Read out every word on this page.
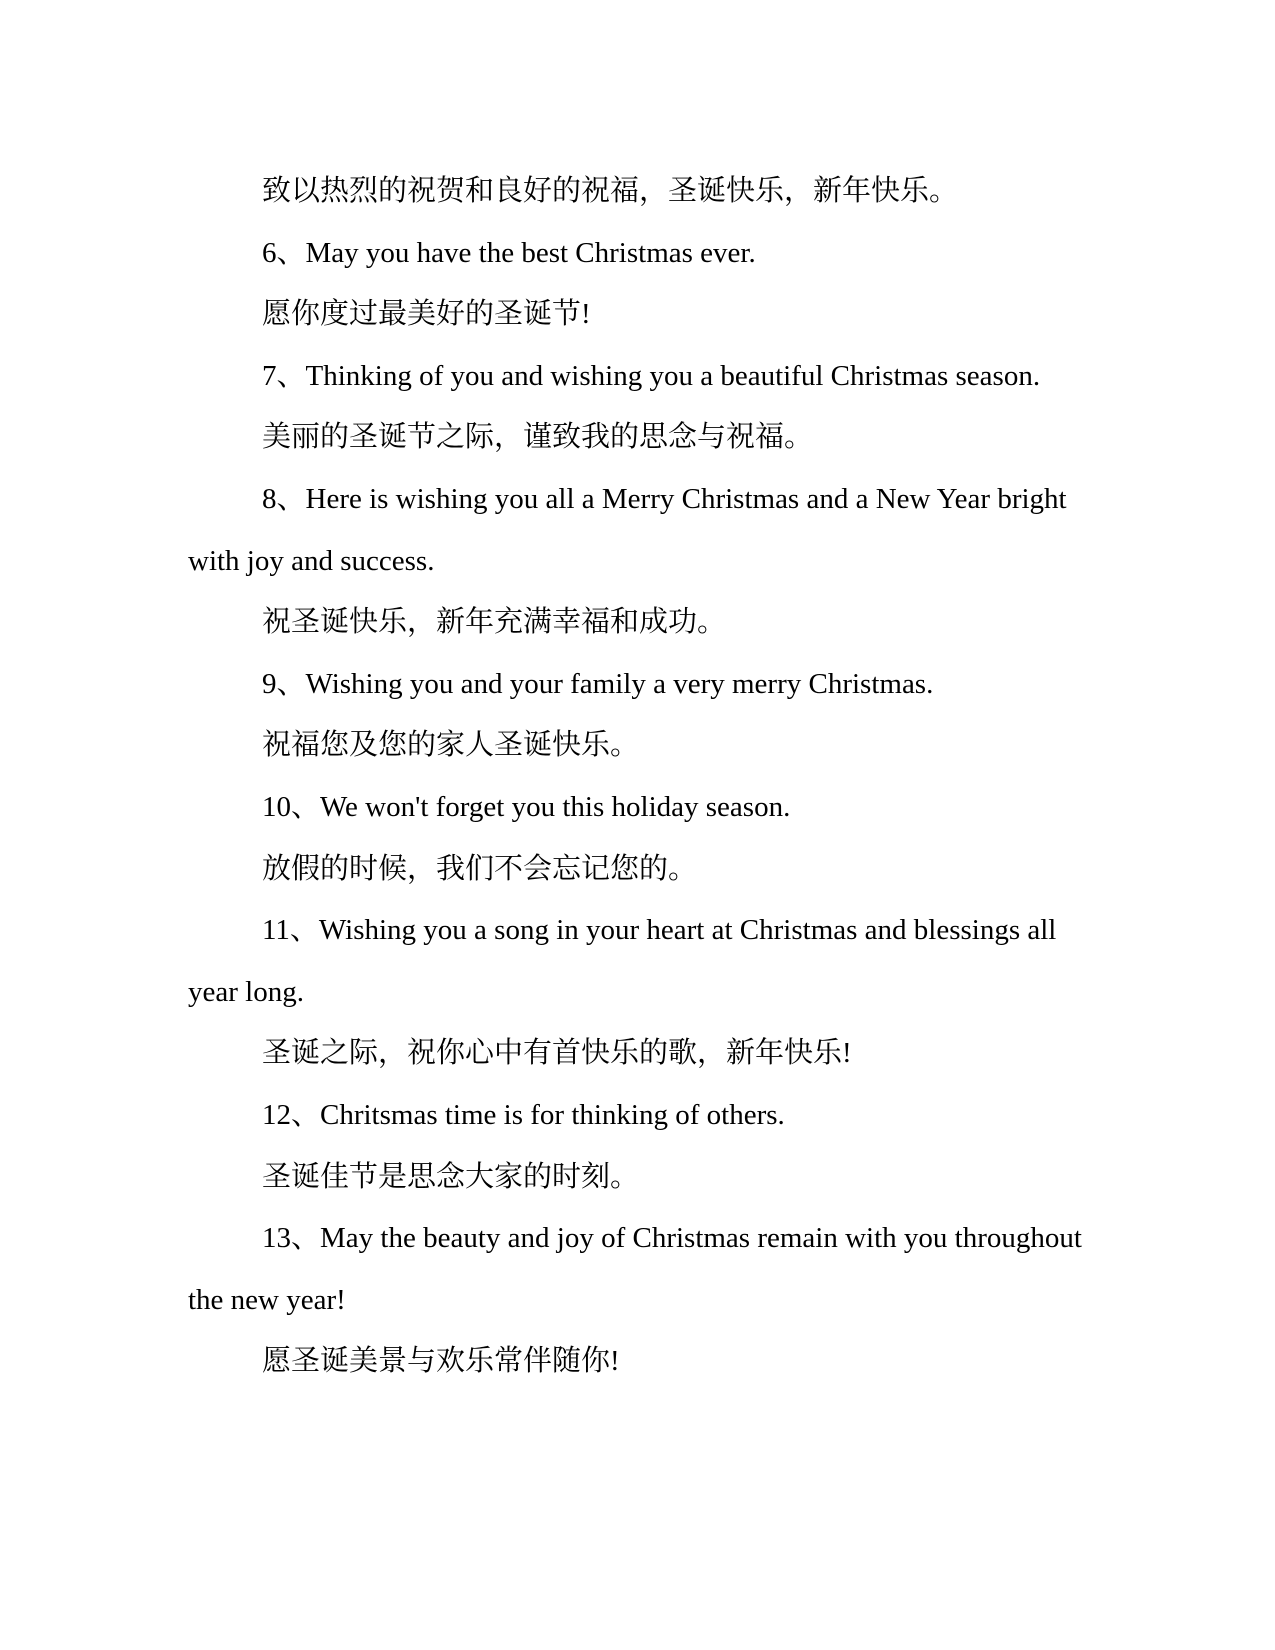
致以热烈的祝贺和良好的祝福，圣诞快乐，新年快乐。
6、May you have the best Christmas ever.
愿你度过最美好的圣诞节!
7、Thinking of you and wishing you a beautiful Christmas season.
美丽的圣诞节之际，谨致我的思念与祝福。
8、Here is wishing you all a Merry Christmas and a New Year bright
with joy and success.
祝圣诞快乐，新年充满幸福和成功。
9、Wishing you and your family a very merry Christmas.
祝福您及您的家人圣诞快乐。
10、We won't forget you this holiday season.
放假的时候，我们不会忘记您的。
11、Wishing you a song in your heart at Christmas and blessings all
year long.
圣诞之际，祝你心中有首快乐的歌，新年快乐!
12、Chritsmas time is for thinking of others.
圣诞佳节是思念大家的时刻。
13、May the beauty and joy of Christmas remain with you throughout
the new year!
愿圣诞美景与欢乐常伴随你!
